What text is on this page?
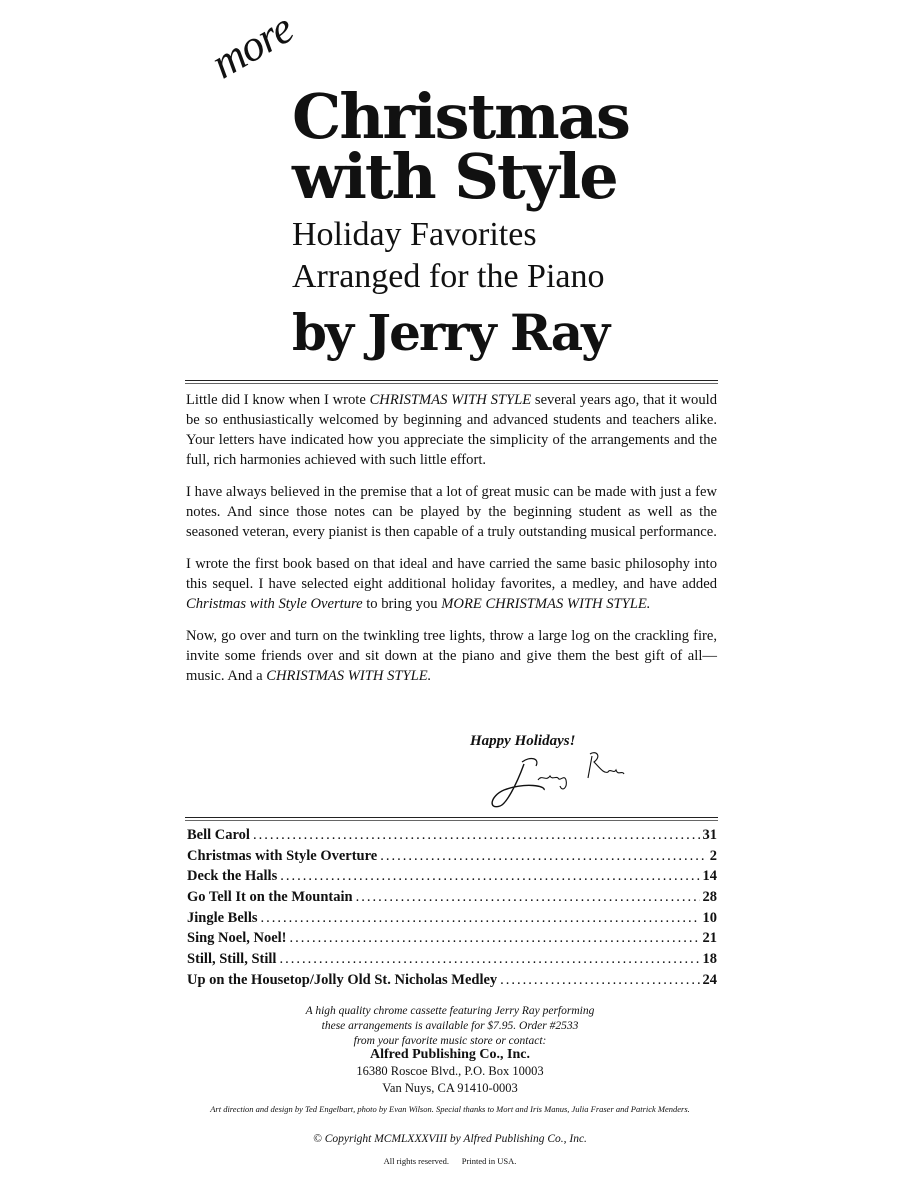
more
Christmas
with Style
Holiday Favorites
Arranged for the Piano
by Jerry Ray

Little did I know when I wrote CHRISTMAS WITH STYLE several years ago, that it would be so enthusiastically welcomed by beginning and advanced students and teachers alike. Your letters have indicated how you appreciate the simplicity of the arrangements and the full, rich harmonies achieved with such little effort.

I have always believed in the premise that a lot of great music can be made with just a few notes. And since those notes can be played by the beginning student as well as the seasoned veteran, every pianist is then capable of a truly outstanding musical performance.

I wrote the first book based on that ideal and have carried the same basic philosophy into this sequel. I have selected eight additional holiday favorites, a medley, and have added Christmas with Style Overture to bring you MORE CHRISTMAS WITH STYLE.

Now, go over and turn on the twinkling tree lights, throw a large log on the crackling fire, invite some friends over and sit down at the piano and give them the best gift of all—music. And a CHRISTMAS WITH STYLE.

Happy Holidays!
Bell Carol .....	31
Christmas with Style Overture .....	2
Deck the Halls .....	14
Go Tell It on the Mountain .....	28
Jingle Bells .....	10
Sing Noel, Noel! .....	21
Still, Still, Still .....	18
Up on the Housetop/Jolly Old St. Nicholas Medley .....	24
A high quality chrome cassette featuring Jerry Ray performing
these arrangements is available for $7.95. Order #2533
from your favorite music store or contact:
Alfred Publishing Co., Inc.
16380 Roscoe Blvd., P.O. Box 10003
Van Nuys, CA 91410-0003
Art direction and design by Ted Engelbart, photo by Evan Wilson. Special thanks to Mort and Iris Manus, Julia Fraser and Patrick Menders.
© Copyright MCMLXXXVIII by Alfred Publishing Co., Inc.
All rights reserved.      Printed in USA.
